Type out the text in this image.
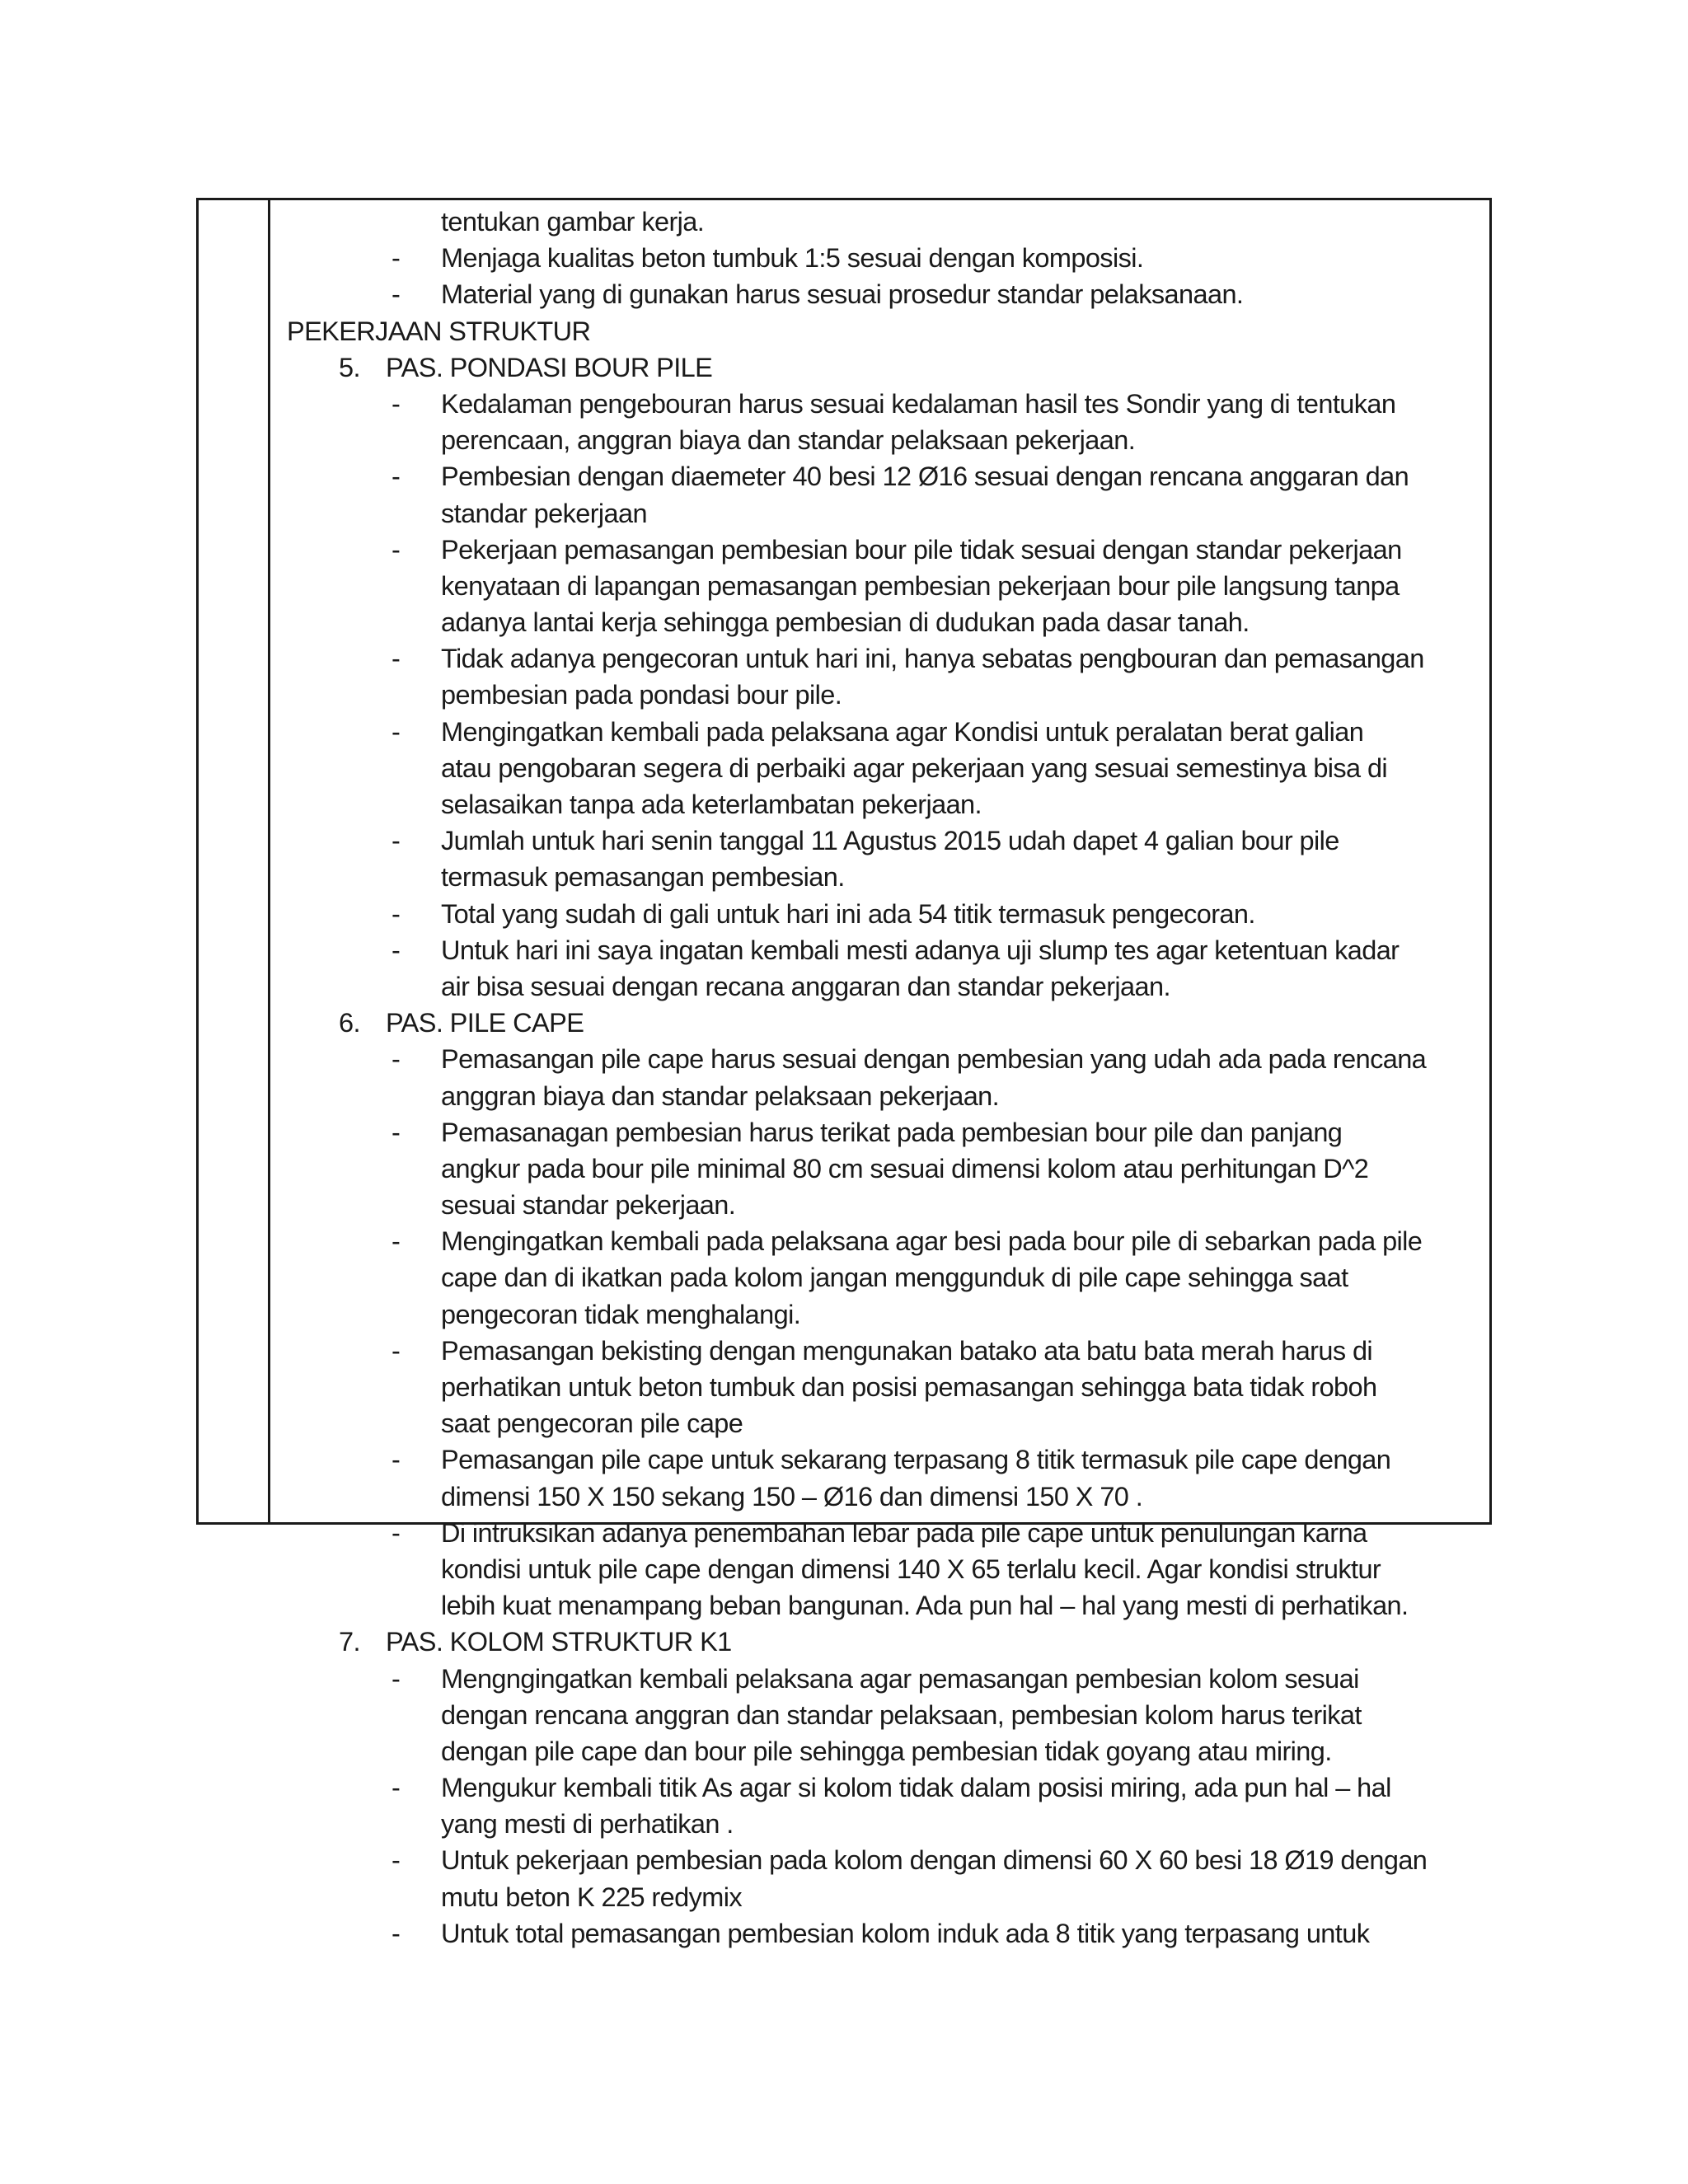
tentukan gambar kerja.
- Menjaga kualitas beton tumbuk 1:5 sesuai dengan komposisi.
- Material yang di gunakan harus sesuai prosedur standar pelaksanaan.
PEKERJAAN STRUKTUR
5. PAS. PONDASI BOUR PILE
- Kedalaman pengebouran harus sesuai kedalaman hasil tes Sondir yang di tentukan
perencaan, anggran biaya dan standar pelaksaan pekerjaan.
- Pembesian dengan diaemeter 40 besi 12 Ø16 sesuai dengan rencana anggaran dan
standar pekerjaan
- Pekerjaan pemasangan pembesian bour pile tidak sesuai dengan standar pekerjaan
kenyataan di lapangan pemasangan pembesian pekerjaan bour pile langsung tanpa
adanya lantai kerja sehingga pembesian di dudukan pada dasar tanah.
- Tidak adanya pengecoran untuk hari ini, hanya sebatas pengbouran dan pemasangan
pembesian pada pondasi bour pile.
- Mengingatkan kembali pada pelaksana agar Kondisi untuk peralatan berat galian
atau pengobaran segera di perbaiki agar pekerjaan yang sesuai semestinya bisa di
selasaikan tanpa ada keterlambatan pekerjaan.
- Jumlah untuk hari senin tanggal 11 Agustus 2015 udah dapet 4 galian bour pile
termasuk pemasangan pembesian.
- Total yang sudah di gali untuk hari ini ada 54 titik termasuk pengecoran.
- Untuk hari ini saya ingatan kembali mesti adanya uji slump tes agar ketentuan kadar
air bisa sesuai dengan recana anggaran dan standar pekerjaan.
6. PAS. PILE CAPE
- Pemasangan pile cape harus sesuai dengan pembesian yang udah ada pada rencana
anggran biaya dan standar pelaksaan pekerjaan.
- Pemasanagan pembesian harus terikat pada pembesian bour pile dan panjang
angkur pada bour pile minimal 80 cm sesuai dimensi kolom atau perhitungan D^2
sesuai standar pekerjaan.
- Mengingatkan kembali pada pelaksana agar besi pada bour pile di sebarkan pada pile
cape dan di ikatkan pada kolom jangan menggunduk di pile cape sehingga saat
pengecoran tidak menghalangi.
- Pemasangan bekisting dengan mengunakan batako ata batu bata merah harus di
perhatikan untuk beton tumbuk dan posisi pemasangan sehingga bata tidak roboh
saat pengecoran pile cape
- Pemasangan pile cape untuk sekarang terpasang 8 titik termasuk pile cape dengan
dimensi 150 X 150 sekang 150 – Ø16 dan dimensi 150 X 70 .
- Di intruksikan adanya penembahan lebar pada pile cape untuk penulungan karna
kondisi untuk pile cape dengan dimensi 140 X 65 terlalu kecil. Agar kondisi struktur
lebih kuat menampang beban bangunan. Ada pun hal – hal yang mesti di perhatikan.
7. PAS. KOLOM STRUKTUR K1
- Mengngingatkan kembali pelaksana agar pemasangan pembesian kolom sesuai
dengan rencana anggran dan standar pelaksaan, pembesian kolom harus terikat
dengan pile cape dan bour pile sehingga pembesian tidak goyang atau miring.
- Mengukur kembali titik As agar si kolom tidak dalam posisi miring, ada pun hal – hal
yang mesti di perhatikan .
- Untuk pekerjaan pembesian pada kolom dengan dimensi 60 X 60 besi 18 Ø19 dengan
mutu beton K 225 redymix
- Untuk total pemasangan pembesian kolom induk ada 8 titik yang terpasang untuk
